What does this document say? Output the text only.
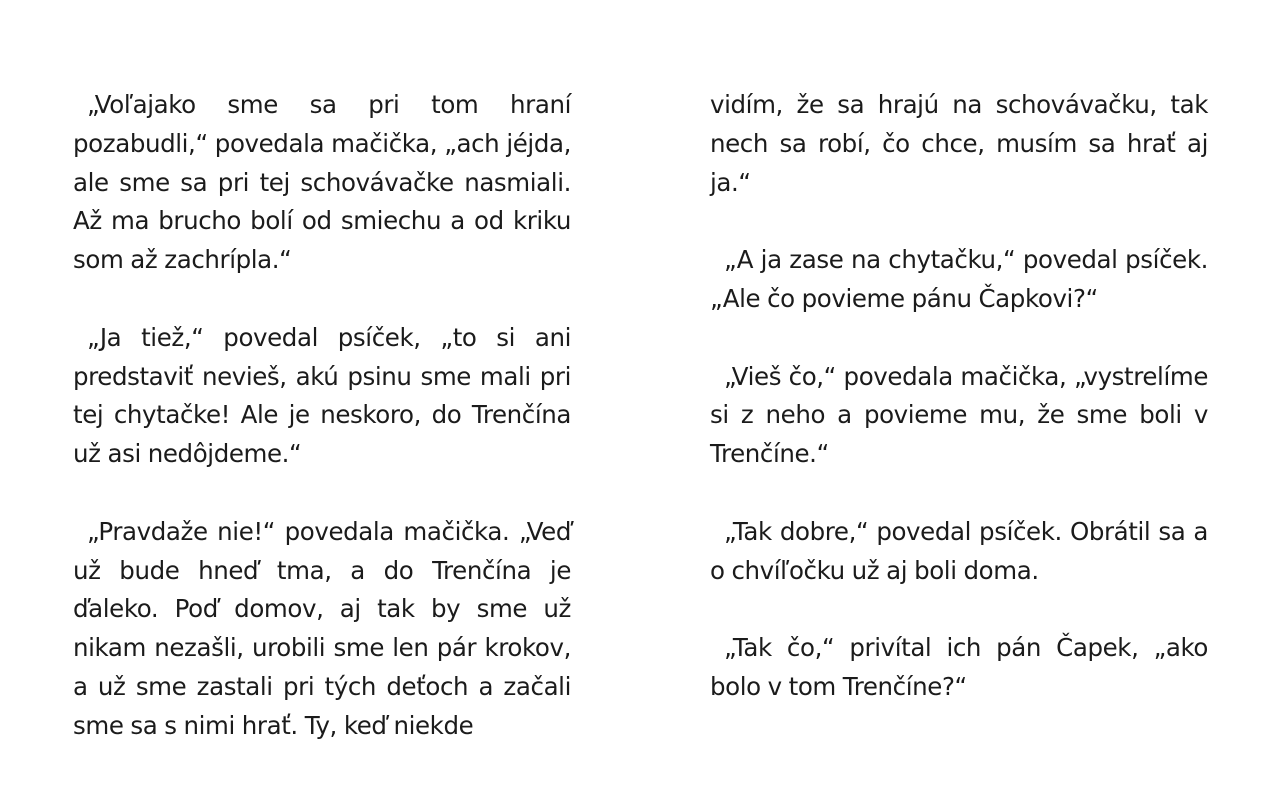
„Voľajako sme sa pri tom hraní pozabudli,“ povedala mačička, „ach jéjda, ale sme sa pri tej schovávačke nasmiali. Až ma brucho bolí od smiechu a od kriku som až zachrípla.“

„Ja tiež,“ povedal psíček, „to si ani predstaviť nevieš, akú psinu sme mali pri tej chytačke! Ale je neskoro, do Trenčína už asi nedôjdeme.“

„Pravdaže nie!“ povedala mačička. „Veď už bude hneď tma, a do Trenčína je ďaleko. Poď domov, aj tak by sme už nikam nezašli, urobili sme len pár krokov, a už sme zastali pri tých deťoch a začali sme sa s nimi hrať. Ty, keď niekde

vidím, že sa hrajú na schovávačku, tak nech sa robí, čo chce, musím sa hrať aj ja.“

„A ja zase na chytačku,“ povedal psíček. „Ale čo povieme pánu Čapkovi?“

„Vieš čo,“ povedala mačička, „vystrelíme si z neho a povieme mu, že sme boli v Trenčíne.“

„Tak dobre,“ povedal psíček. Obrátil sa a o chvíľočku už aj boli doma.

„Tak čo,“ privítal ich pán Čapek, „ako bolo v tom Trenčíne?“
